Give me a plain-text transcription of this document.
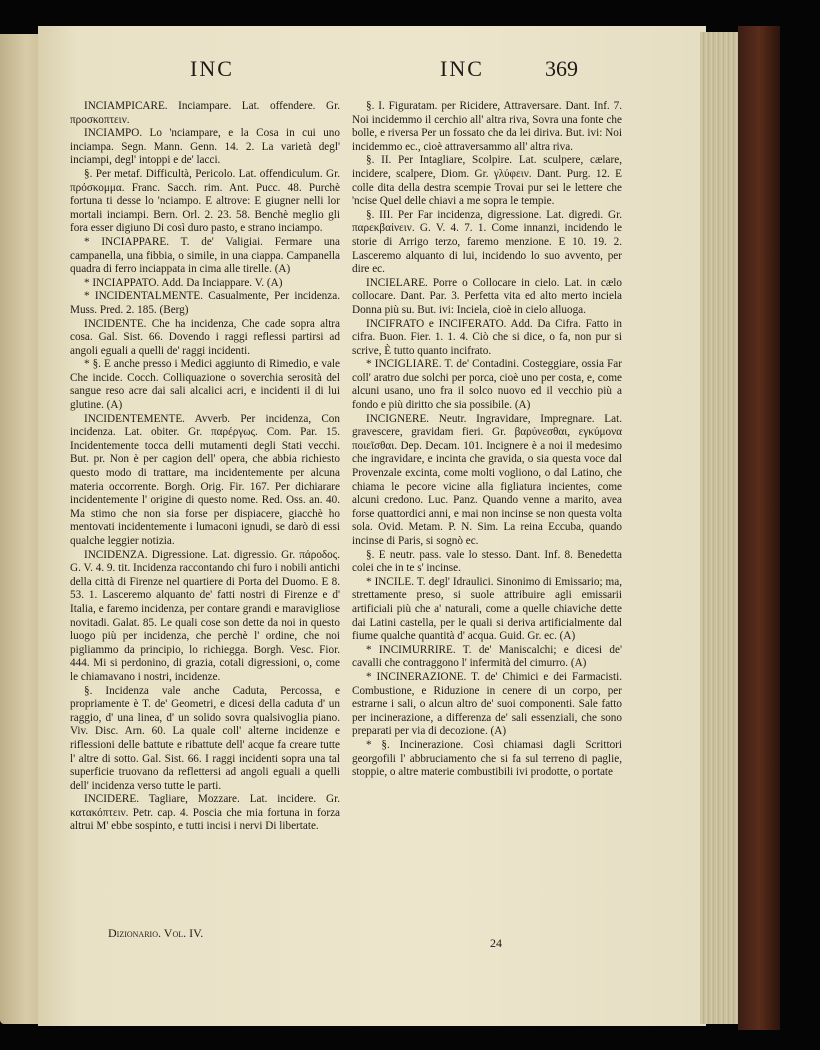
INC	INC	369

INCIAMPICARE. Inciampare. Lat. offendere. Gr. προσκοπτειν.

INCIAMPO. Lo 'nciampare, e la Cosa in cui uno inciampa. Segn. Mann. Genn. 14. 2. La varietà degl' inciampi, degl' intoppi e de' lacci.

§. Per metaf. Difficultà, Pericolo. Lat. offendiculum. Gr. πρόσκομμα. Franc. Sacch. rim. Ant. Pucc. 48. Purchè fortuna ti desse lo 'nciampo. E altrove: E giugner nelli lor mortali inciampi. Bern. Orl. 2. 23. 58. Benchè meglio gli fora esser digiuno Di così duro pasto, e strano inciampo.

* INCIAPPARE. T. de' Valigiai. Fermare una campanella, una fibbia, o simile, in una ciappa. Campanella quadra di ferro inciappata in cima alle tirelle. (A)

* INCIAPPATO. Add. Da Inciappare. V. (A)

* INCIDENTALMENTE. Casualmente, Per incidenza. Muss. Pred. 2. 185. (Berg)

INCIDENTE. Che ha incidenza, Che cade sopra altra cosa. Gal. Sist. 66. Dovendo i raggi reflessi partirsi ad angoli eguali a quelli de' raggi incidenti.

* §. E anche presso i Medici aggiunto di Rimedio, e vale Che incide. Cocch. Colliquazione o soverchia serosità del sangue reso acre dai sali alcalici acri, e incidenti il di lui glutine. (A)

INCIDENTEMENTE. Avverb. Per incidenza, Con incidenza. Lat. obiter. Gr. παρέργως. Com. Par. 15. Incidentemente tocca delli mutamenti degli Stati vecchi. But. pr. Non è per cagion dell' opera, che abbia richiesto questo modo di trattare, ma incidentemente per alcuna materia occorrente. Borgh. Orig. Fir. 167. Per dichiarare incidentemente l' origine di questo nome. Red. Oss. an. 40. Ma stimo che non sia forse per dispiacere, giacchè ho mentovati incidentemente i lumaconi ignudi, se darò di essi qualche leggier notizia.

INCIDENZA. Digressione. Lat. digressio. Gr. πάροδος. G. V. 4. 9. tit. Incidenza raccontando chi furo i nobili antichi della città di Firenze nel quartiere di Porta del Duomo. E 8. 53. 1. Lasceremo alquanto de' fatti nostri di Firenze e d' Italia, e faremo incidenza, per contare grandi e maravigliose novitadi. Galat. 85. Le quali cose son dette da noi in questo luogo più per incidenza, che perchè l' ordine, che noi pigliammo da principio, lo richiegga. Borgh. Vesc. Fior. 444. Mi si perdonino, di grazia, cotali digressioni, o, come le chiamavano i nostri, incidenze.

§. Incidenza vale anche Caduta, Percossa, e propriamente è T. de' Geometri, e dicesi della caduta d' un raggio, d' una linea, d' un solido sovra qualsivoglia piano. Viv. Disc. Arn. 60. La quale coll' alterne incidenze e riflessioni delle battute e ribattute dell' acque fa creare tutte l' altre di sotto. Gal. Sist. 66. I raggi incidenti sopra una tal superficie truovano da reflettersi ad angoli eguali a quelli dell' incidenza verso tutte le parti.

INCIDERE. Tagliare, Mozzare. Lat. incidere. Gr. κατακόπτειν. Petr. cap. 4. Poscia che mia fortuna in forza altrui M' ebbe sospinto, e tutti incisi i nervi Di libertate.

§. I. Figuratam. per Ricidere, Attraversare. Dant. Inf. 7. Noi incidemmo il cerchio all' altra riva, Sovra una fonte che bolle, e riversa Per un fossato che da lei diriva. But. ivi: Noi incidemmo ec., cioè attraversammo all' altra riva.

§. II. Per Intagliare, Scolpire. Lat. sculpere, cælare, incidere, scalpere, Diom. Gr. γλύφειν. Dant. Purg. 12. E colle dita della destra scempie Trovai pur sei le lettere che 'ncise Quel delle chiavi a me sopra le tempie.

§. III. Per Far incidenza, digressione. Lat. digredi. Gr. παρεκβαίνειν. G. V. 4. 7. 1. Come innanzi, incidendo le storie di Arrigo terzo, faremo menzione. E 10. 19. 2. Lasceremo alquanto di lui, incidendo lo suo avvento, per dire ec.

INCIELARE. Porre o Collocare in cielo. Lat. in cælo collocare. Dant. Par. 3. Perfetta vita ed alto merto inciela Donna più su. But. ivi: Inciela, cioè in cielo alluoga.

INCIFRATO e INCIFERATO. Add. Da Cifra. Fatto in cifra. Buon. Fier. 1. 1. 4. Ciò che si dice, o fa, non pur si scrive, È tutto quanto incifrato.

* INCIGLIARE. T. de' Contadini. Costeggiare, ossia Far coll' aratro due solchi per porca, cioè uno per costa, e, come alcuni usano, uno fra il solco nuovo ed il vecchio più a fondo e più diritto che sia possibile. (A)

INCIGNERE. Neutr. Ingravidare, Impregnare. Lat. gravescere, gravidam fieri. Gr. βαρύνεσθαι, εγκύμονα ποιεῖσθαι. Dep. Decam. 101. Incignere è a noi il medesimo che ingravidare, e incinta che gravida, o sia questa voce dal Provenzale excinta, come molti vogliono, o dal Latino, che chiama le pecore vicine alla figliatura incientes, come alcuni credono. Luc. Panz. Quando venne a marito, avea forse quattordici anni, e mai non incinse se non questa volta sola. Ovid. Metam. P. N. Sim. La reina Eccuba, quando incinse di Paris, si sognò ec.

§. E neutr. pass. vale lo stesso. Dant. Inf. 8. Benedetta colei che in te s' incinse.

* INCILE. T. degl' Idraulici. Sinonimo di Emissario; ma, strettamente preso, si suole attribuire agli emissarii artificiali più che a' naturali, come a quelle chiaviche dette dai Latini castella, per le quali si deriva artificialmente dal fiume qualche quantità d' acqua. Guid. Gr. ec. (A)

* INCIMURRIRE. T. de' Maniscalchi; e dicesi de' cavalli che contraggono l' infermità del cimurro. (A)

* INCINERAZIONE. T. de' Chimici e dei Farmacisti. Combustione, e Riduzione in cenere di un corpo, per estrarne i sali, o alcun altro de' suoi componenti. Sale fatto per incinerazione, a differenza de' sali essenziali, che sono preparati per via di decozione. (A)

* §. Incinerazione. Così chiamasi dagli Scrittori georgofili l' abbruciamento che si fa sul terreno di paglie, stoppie, o altre materie combustibili ivi prodotte, o portate

Dizionario. Vol. IV.
24
